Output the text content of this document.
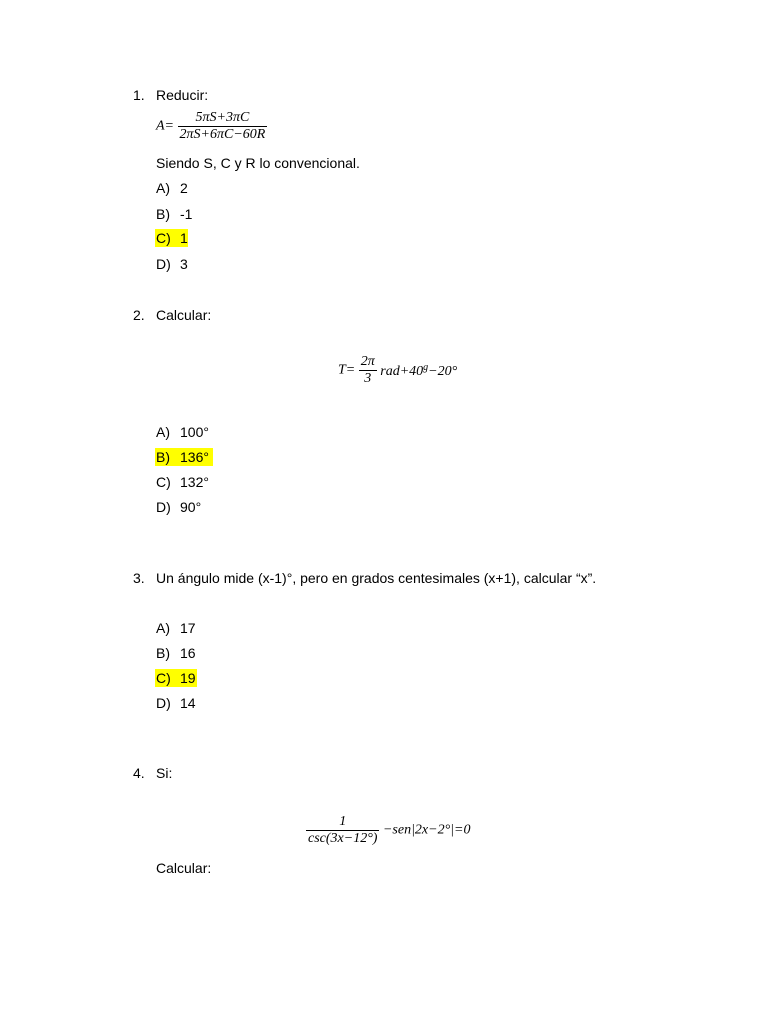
1. Reducir:
$A= \frac{5\pi S+3\pi C}{2\pi S+6\pi C-60R}$
Siendo S, C y R lo convencional.
A) 2
B) -1
C) 1
D) 3
2. Calcular:
$T= \frac{2\pi}{3} rad+40^g-20^\circ$
A) 100°
B) 136°
C) 132°
D) 90°
3. Un ángulo mide (x-1)°, pero en grados centesimales (x+1), calcular “x”.
A) 17
B) 16
C) 19
D) 14
4. Si:
$\frac{1}{\csc(3x-12^\circ)} -sen|2x-2^\circ|=0$
Calcular:
